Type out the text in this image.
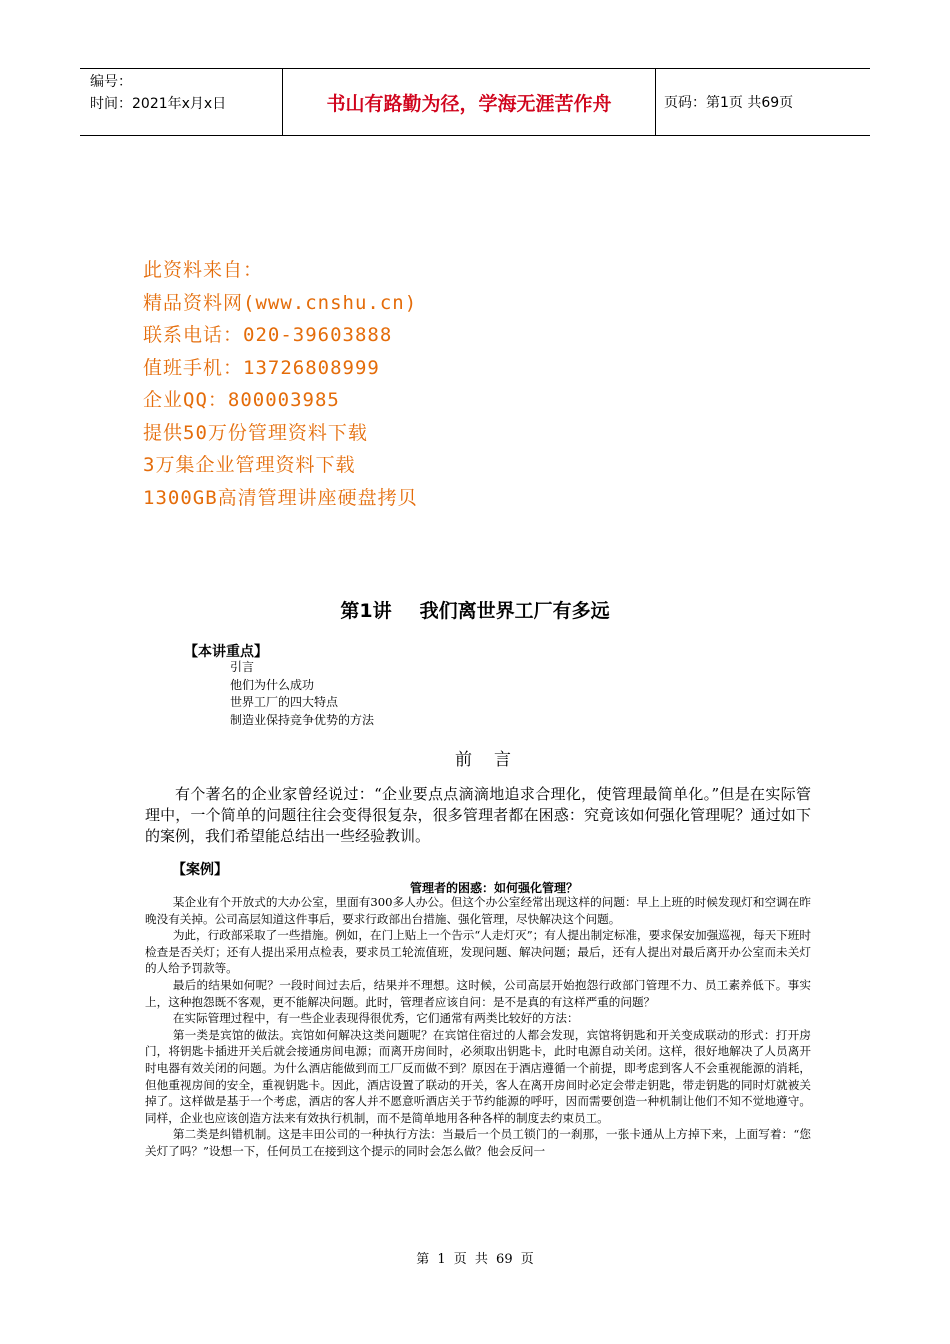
编号：
时间：2021年x月x日	书山有路勤为径，学海无涯苦作舟	页码：第1页 共69页
此资料来自：
精品资料网(www.cnshu.cn)
联系电话：020-39603888
值班手机：13726808999
企业QQ：800003985
提供50万份管理资料下载
3万集企业管理资料下载
1300GB高清管理讲座硬盘拷贝
第1讲 我们离世界工厂有多远
【本讲重点】
引言
他们为什么成功
世界工厂的四大特点
制造业保持竞争优势的方法
前言

有个著名的企业家曾经说过：“企业要点点滴滴地追求合理化，使管理最简单化。”但是在实际管理中，一个简单的问题往往会变得很复杂，很多管理者都在困惑：究竟该如何强化管理呢？通过如下的案例，我们希望能总结出一些经验教训。

【案例】
管理者的困惑：如何强化管理？

某企业有个开放式的大办公室，里面有300多人办公。但这个办公室经常出现这样的问题：早上上班的时候发现灯和空调在昨晚没有关掉。公司高层知道这件事后，要求行政部出台措施、强化管理，尽快解决这个问题。

为此，行政部采取了一些措施。例如，在门上贴上一个告示“人走灯灭”；有人提出制定标准，要求保安加强巡视，每天下班时检查是否关灯；还有人提出采用点检表，要求员工轮流值班，发现问题、解决问题；最后，还有人提出对最后离开办公室而未关灯的人给予罚款等。

最后的结果如何呢？一段时间过去后，结果并不理想。这时候，公司高层开始抱怨行政部门管理不力、员工素养低下。事实上，这种抱怨既不客观，更不能解决问题。此时，管理者应该自问：是不是真的有这样严重的问题？

在实际管理过程中，有一些企业表现得很优秀，它们通常有两类比较好的方法：

第一类是宾馆的做法。宾馆如何解决这类问题呢？在宾馆住宿过的人都会发现，宾馆将钥匙和开关变成联动的形式：打开房门，将钥匙卡插进开关后就会接通房间电源；而离开房间时，必须取出钥匙卡，此时电源自动关闭。这样，很好地解决了人员离开时电器有效关闭的问题。为什么酒店能做到而工厂反而做不到？原因在于酒店遵循一个前提，即考虑到客人不会重视能源的消耗，但他重视房间的安全，重视钥匙卡。因此，酒店设置了联动的开关，客人在离开房间时必定会带走钥匙，带走钥匙的同时灯就被关掉了。这样做是基于一个考虑，酒店的客人并不愿意听酒店关于节约能源的呼吁，因而需要创造一种机制让他们不知不觉地遵守。同样，企业也应该创造方法来有效执行机制，而不是简单地用各种各样的制度去约束员工。

第二类是纠错机制。这是丰田公司的一种执行方法：当最后一个员工锁门的一刹那，一张卡通从上方掉下来，上面写着：“您关灯了吗？”设想一下，任何员工在接到这个提示的同时会怎么做？他会反问一

第 1 页 共 69 页
